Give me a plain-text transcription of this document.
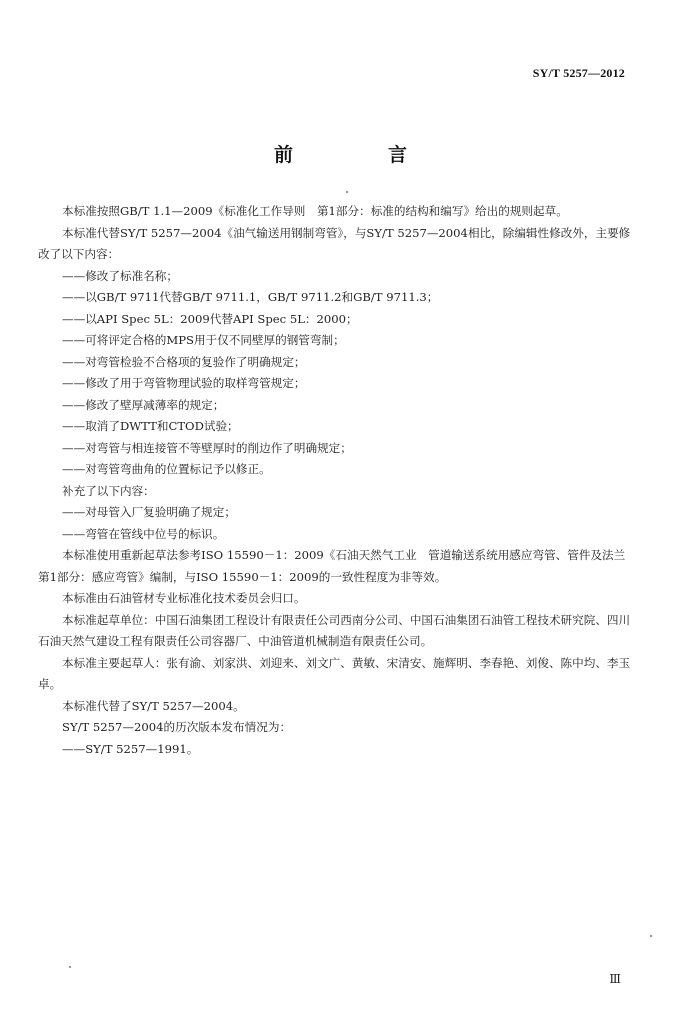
SY/T 5257—2012
前　言

本标准按照GB/T 1.1—2009《标准化工作导则　第1部分：标准的结构和编写》给出的规则起草。

本标准代替SY/T 5257—2004《油气输送用钢制弯管》，与SY/T 5257—2004相比，除编辑性修改外，主要修改了以下内容：

——修改了标准名称；

——以GB/T 9711代替GB/T 9711.1，GB/T 9711.2和GB/T 9711.3；

——以API Spec 5L：2009代替API Spec 5L：2000；

——可将评定合格的MPS用于仅不同壁厚的钢管弯制；

——对弯管检验不合格项的复验作了明确规定；

——修改了用于弯管物理试验的取样弯管规定；

——修改了壁厚减薄率的规定；

——取消了DWTT和CTOD试验；

——对弯管与相连接管不等壁厚时的削边作了明确规定；

——对弯管弯曲角的位置标记予以修正。

补充了以下内容：

——对母管入厂复验明确了规定；

——弯管在管线中位号的标识。

本标准使用重新起草法参考ISO 15590－1：2009《石油天然气工业　管道输送系统用感应弯管、管件及法兰　第1部分：感应弯管》编制，与ISO 15590－1：2009的一致性程度为非等效。

本标准由石油管材专业标准化技术委员会归口。

本标准起草单位：中国石油集团工程设计有限责任公司西南分公司、中国石油集团石油管工程技术研究院、四川石油天然气建设工程有限责任公司容器厂、中油管道机械制造有限责任公司。

本标准主要起草人：张有渝、刘家洪、刘迎来、刘文广、黄敏、宋清安、施辉明、李春艳、刘俊、陈中均、李玉卓。

本标准代替了SY/T 5257—2004。

SY/T 5257—2004的历次版本发布情况为：

——SY/T 5257—1991。

Ⅲ
